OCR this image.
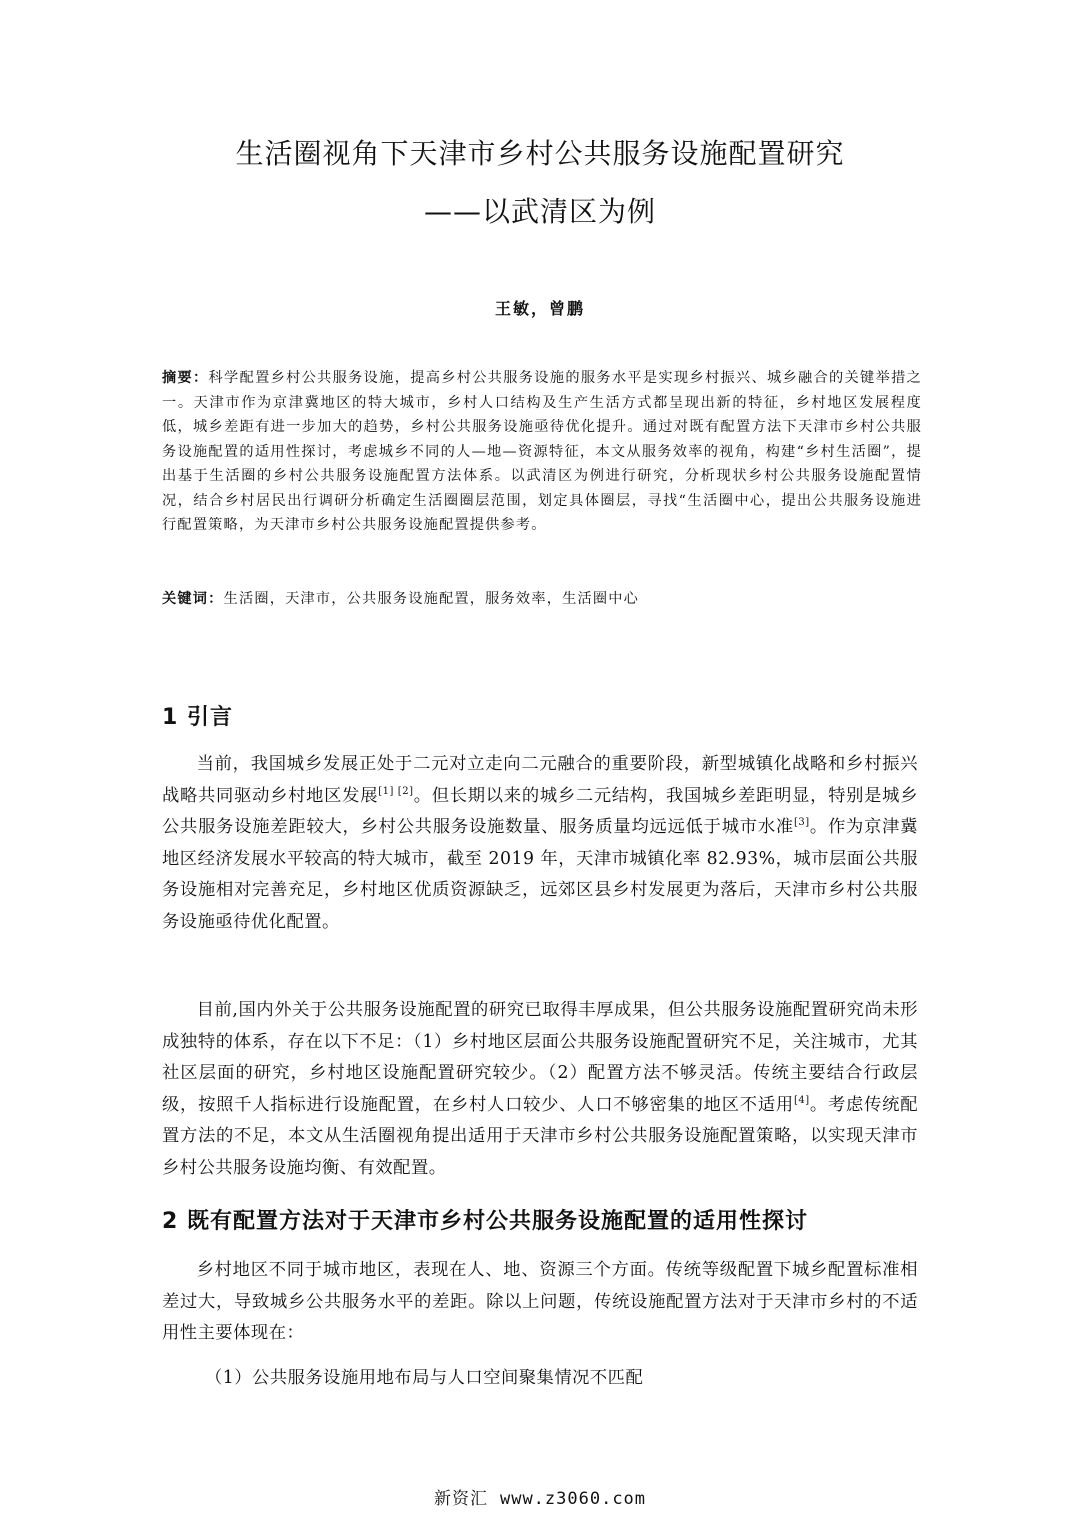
生活圈视角下天津市乡村公共服务设施配置研究
——以武清区为例
王敏，曾鹏
摘要：科学配置乡村公共服务设施，提高乡村公共服务设施的服务水平是实现乡村振兴、城乡融合的关键举措之一。天津市作为京津冀地区的特大城市，乡村人口结构及生产生活方式都呈现出新的特征，乡村地区发展程度低，城乡差距有进一步加大的趋势，乡村公共服务设施亟待优化提升。通过对既有配置方法下天津市乡村公共服务设施配置的适用性探讨，考虑城乡不同的人—地—资源特征，本文从服务效率的视角，构建“乡村生活圈”，提出基于生活圈的乡村公共服务设施配置方法体系。以武清区为例进行研究，分析现状乡村公共服务设施配置情况，结合乡村居民出行调研分析确定生活圈圈层范围，划定具体圈层，寻找“生活圈中心，提出公共服务设施进行配置策略，为天津市乡村公共服务设施配置提供参考。
关键词：生活圈，天津市，公共服务设施配置，服务效率，生活圈中心
1 引言
当前，我国城乡发展正处于二元对立走向二元融合的重要阶段，新型城镇化战略和乡村振兴战略共同驱动乡村地区发展[1] [2]。但长期以来的城乡二元结构，我国城乡差距明显，特别是城乡公共服务设施差距较大，乡村公共服务设施数量、服务质量均远远低于城市水准[3]。作为京津冀地区经济发展水平较高的特大城市，截至 2019 年，天津市城镇化率 82.93%，城市层面公共服务设施相对完善充足，乡村地区优质资源缺乏，远郊区县乡村发展更为落后，天津市乡村公共服务设施亟待优化配置。
目前,国内外关于公共服务设施配置的研究已取得丰厚成果，但公共服务设施配置研究尚未形成独特的体系，存在以下不足：（1）乡村地区层面公共服务设施配置研究不足，关注城市，尤其社区层面的研究，乡村地区设施配置研究较少。（2）配置方法不够灵活。传统主要结合行政层级，按照千人指标进行设施配置，在乡村人口较少、人口不够密集的地区不适用[4]。考虑传统配置方法的不足，本文从生活圈视角提出适用于天津市乡村公共服务设施配置策略，以实现天津市乡村公共服务设施均衡、有效配置。
2 既有配置方法对于天津市乡村公共服务设施配置的适用性探讨
乡村地区不同于城市地区，表现在人、地、资源三个方面。传统等级配置下城乡配置标准相差过大，导致城乡公共服务水平的差距。除以上问题，传统设施配置方法对于天津市乡村的不适用性主要体现在：
（1）公共服务设施用地布局与人口空间聚集情况不匹配
新资汇 www.z3060.com
